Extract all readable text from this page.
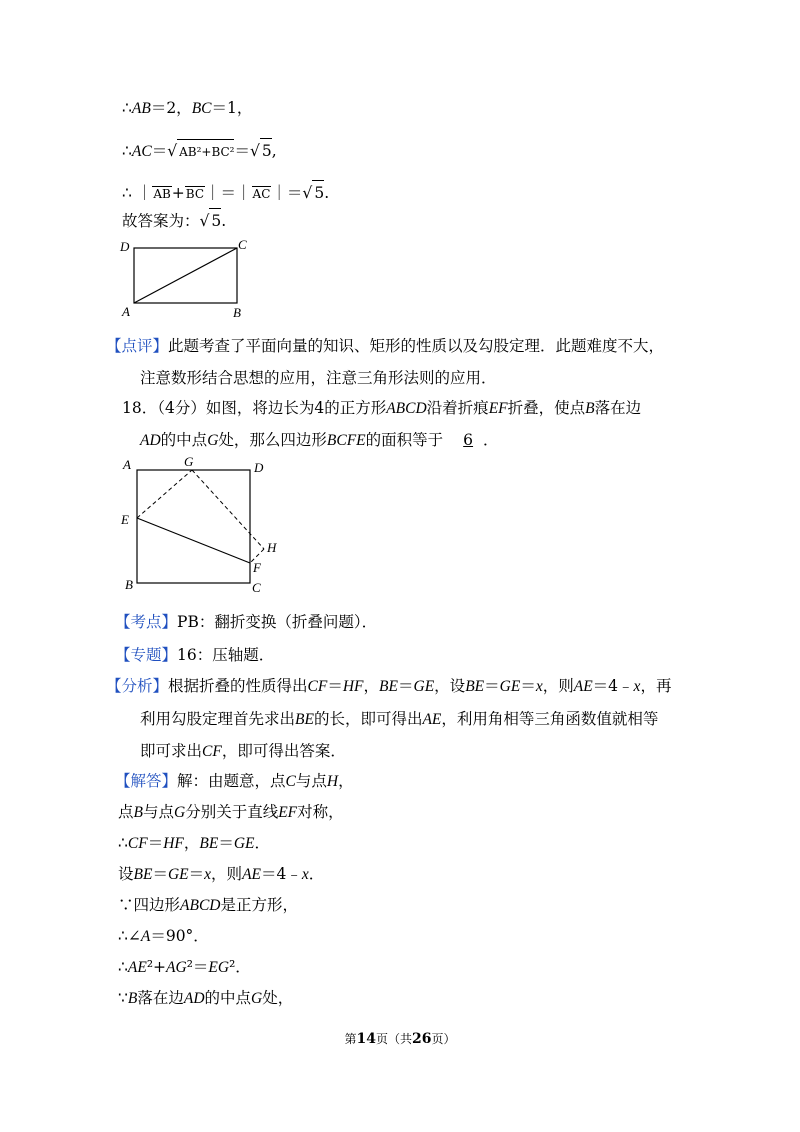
∴AB＝2，BC＝1，
∴AC＝√ AB²+BC²＝√ 5,
∴ ｜AB+BC｜＝｜AC｜＝√ 5.
故答案为：√ 5.
D	C
A	B
【点评】此题考查了平面向量的知识、矩形的性质以及勾股定理．此题难度不大，
注意数形结合思想的应用，注意三角形法则的应用．
18．（4分）如图，将边长为4的正方形ABCD沿着折痕EF折叠，使点B落在边
AD的中点G处，那么四边形BCFE的面积等于 6 ．
A	G	D
E
H
F
B	C
【考点】PB：翻折变换（折叠问题）．
【专题】16：压轴题．
【分析】根据折叠的性质得出CF＝HF，BE＝GE，设BE＝GE＝x，则AE＝4﹣x，再
利用勾股定理首先求出BE的长，即可得出AE，利用角相等三角函数值就相等
即可求出CF，即可得出答案．
【解答】解：由题意，点C与点H，
点B与点G分别关于直线EF对称，
∴CF＝HF，BE＝GE．
设BE＝GE＝x，则AE＝4﹣x．
∵四边形ABCD是正方形，
∴∠A＝90°．
∴AE²+AG²＝EG²．
∵B落在边AD的中点G处，
第14页（共26页）
